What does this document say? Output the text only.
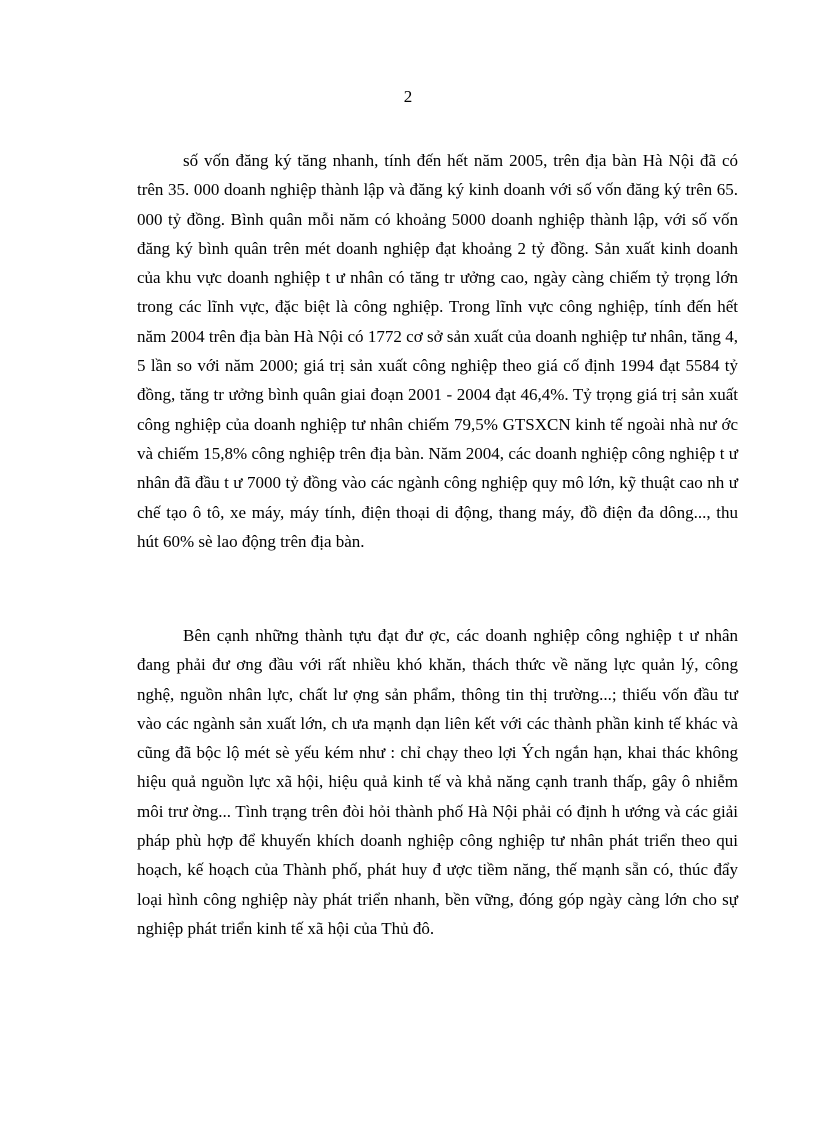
2

số vốn đăng ký tăng nhanh, tính đến hết năm 2005, trên địa bàn Hà Nội đã có trên 35. 000 doanh nghiệp thành lập và đăng ký kinh doanh với số vốn đăng ký trên 65. 000 tỷ đồng. Bình quân mỗi năm có khoảng 5000 doanh nghiệp thành lập, với số vốn đăng ký bình quân trên mét doanh nghiệp đạt khoảng 2 tỷ đồng. Sản xuất kinh doanh của khu vực doanh nghiệp t ư nhân có tăng tr ưởng cao, ngày càng chiếm tỷ trọng lớn trong các lĩnh vực, đặc biệt là công nghiệp. Trong lĩnh vực công nghiệp, tính đến hết năm 2004 trên địa bàn Hà Nội có 1772 cơ sở sản xuất của doanh nghiệp tư nhân, tăng 4, 5 lần so với năm 2000; giá trị sản xuất công nghiệp theo giá cố định 1994 đạt 5584 tỷ đồng, tăng tr ưởng bình quân giai đoạn 2001 - 2004 đạt 46,4%. Tỷ trọng giá trị sản xuất công nghiệp của doanh nghiệp tư nhân chiếm 79,5% GTSXCN kinh tế ngoài nhà nư ớc và chiếm 15,8% công nghiệp trên địa bàn. Năm 2004, các doanh nghiệp công nghiệp t ư nhân đã đầu t ư 7000 tỷ đồng vào các ngành công nghiệp quy mô lớn, kỹ thuật cao nh ư chế tạo ô tô, xe máy, máy tính, điện thoại di động, thang máy, đồ điện đa dông..., thu hút 60% sè lao động trên địa bàn.

Bên cạnh những thành tựu đạt đư ợc, các doanh nghiệp công nghiệp t ư nhân đang phải đư ơng đầu với rất nhiều khó khăn, thách thức về năng lực quản lý, công nghệ, nguồn nhân lực, chất lư ợng sản phẩm, thông tin thị trường...; thiếu vốn đầu tư vào các ngành sản xuất lớn, ch ưa mạnh dạn liên kết với các thành phần kinh tế khác và cũng đã bộc lộ mét sè yếu kém như : chỉ chạy theo lợi Ých ngắn hạn, khai thác không hiệu quả nguồn lực xã hội, hiệu quả kinh tế và khả năng cạnh tranh thấp, gây ô nhiễm môi trư ờng... Tình trạng trên đòi hỏi thành phố Hà Nội phải có định h ướng và các giải pháp phù hợp để khuyến khích doanh nghiệp công nghiệp tư nhân phát triển theo qui hoạch, kế hoạch của Thành phố, phát huy đ ược tiềm năng, thế mạnh sẵn có, thúc đẩy loại hình công nghiệp này phát triển nhanh, bền vững, đóng góp ngày càng lớn cho sự nghiệp phát triển kinh tế xã hội của Thủ đô.
